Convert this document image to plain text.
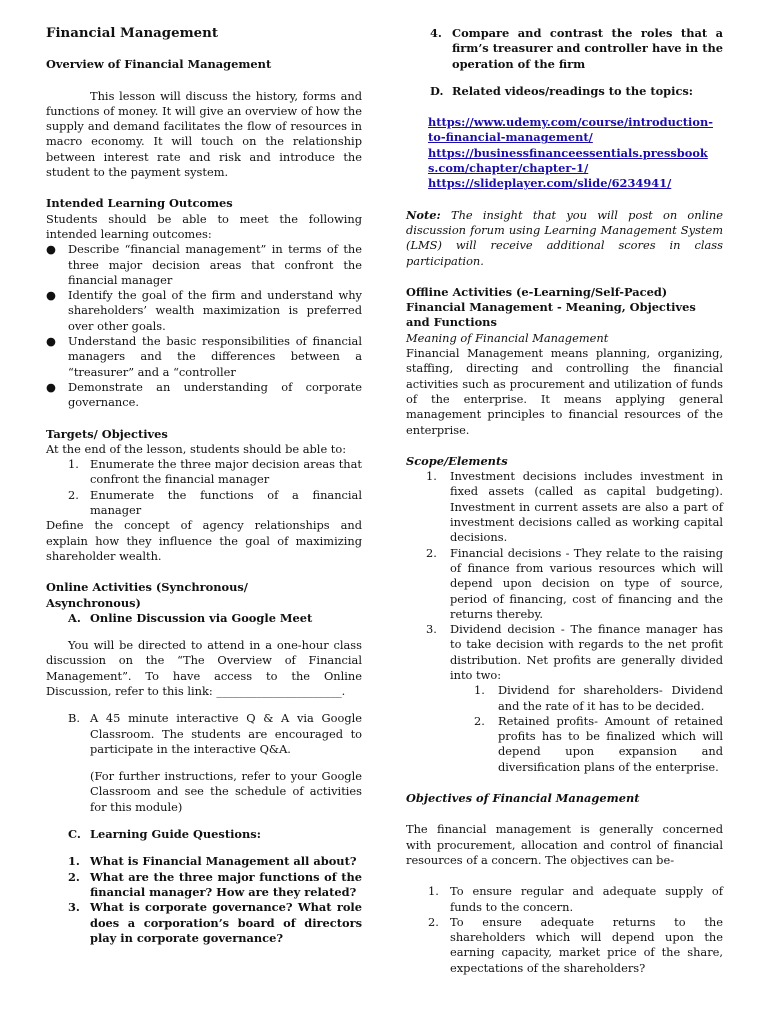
Financial Management
Overview of Financial Management

This lesson will discuss the history, forms and functions of money. It will give an overview of how the supply and demand facilitates the flow of resources in macro economy. It will touch on the relationship between interest rate and risk and introduce the student to the payment system.

Intended Learning Outcomes

Students should be able to meet the following intended learning outcomes:

● Describe “financial management” in terms of the three major decision areas that confront the financial manager
● Identify the goal of the firm and understand why shareholders’ wealth maximization is preferred over other goals.
● Understand the basic responsibilities of financial managers and the differences between a “treasurer” and a “controller
● Demonstrate an understanding of corporate governance.
Targets/ Objectives

At the end of the lesson, students should be able to:

1. Enumerate the three major decision areas that confront the financial manager
2. Enumerate the functions of a financial manager

Define the concept of agency relationships and explain how they influence the goal of maximizing shareholder wealth.

Online Activities (Synchronous/ Asynchronous)
A. Online Discussion via Google Meet

You will be directed to attend in a one-hour class discussion on the “The Overview of Financial Management”. To have access to the Online Discussion, refer to this link: ______________________.

B. A 45 minute interactive Q & A via Google Classroom. The students are encouraged to participate in the interactive Q&A.

(For further instructions, refer to your Google Classroom and see the schedule of activities for this module)

C. Learning Guide Questions:
1. What is Financial Management all about?
2. What are the three major functions of the financial manager? How are they related?
3. What is corporate governance? What role does a corporation’s board of directors play in corporate governance?
4. Compare and contrast the roles that a firm’s treasurer and controller have in the operation of the firm
D. Related videos/readings to the topics:
https://www.udemy.com/course/introduction-to-financial-management/
https://businessfinanceessentials.pressbooks.com/chapter/chapter-1/
https://slideplayer.com/slide/6234941/

Note: The insight that you will post on online discussion forum using Learning Management System (LMS) will receive additional scores in class participation.

Offline Activities (e-Learning/Self-Paced)
Financial Management - Meaning, Objectives and Functions

Meaning of Financial Management

Financial Management means planning, organizing, staffing, directing and controlling the financial activities such as procurement and utilization of funds of the enterprise. It means applying general management principles to financial resources of the enterprise.

Scope/Elements
1. Investment decisions includes investment in fixed assets (called as capital budgeting). Investment in current assets are also a part of investment decisions called as working capital decisions.
2. Financial decisions - They relate to the raising of finance from various resources which will depend upon decision on type of source, period of financing, cost of financing and the returns thereby.
3. Dividend decision - The finance manager has to take decision with regards to the net profit distribution. Net profits are generally divided into two:
1. Dividend for shareholders- Dividend and the rate of it has to be decided.
2. Retained profits- Amount of retained profits has to be finalized which will depend upon expansion and diversification plans of the enterprise.
Objectives of Financial Management

The financial management is generally concerned with procurement, allocation and control of financial resources of a concern. The objectives can be-

1. To ensure regular and adequate supply of funds to the concern.
2. To ensure adequate returns to the shareholders which will depend upon the earning capacity, market price of the share, expectations of the shareholders?
